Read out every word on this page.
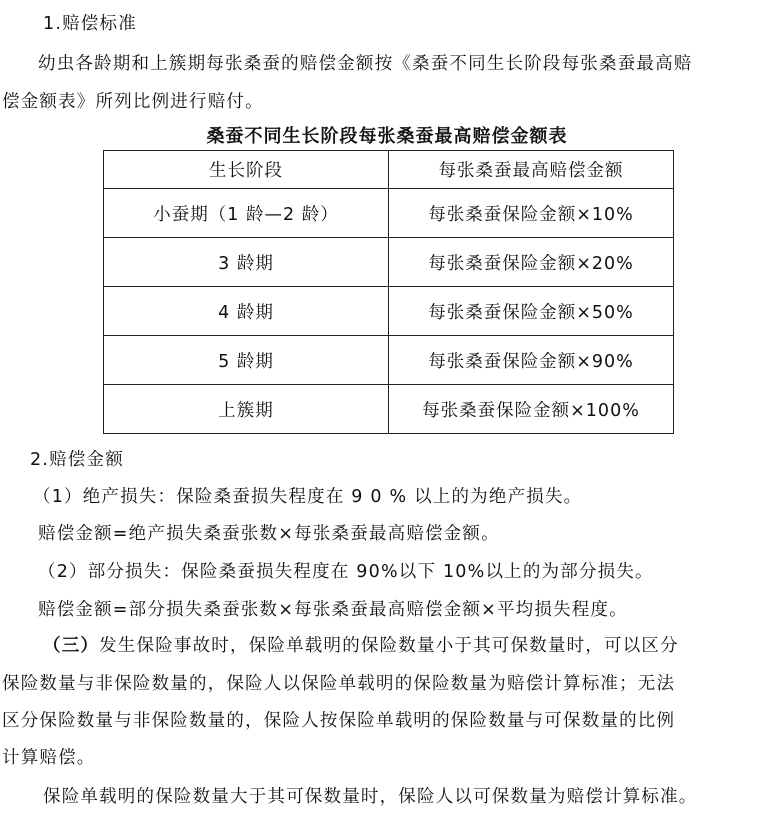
1.赔偿标准
幼虫各龄期和上簇期每张桑蚕的赔偿金额按《桑蚕不同生长阶段每张桑蚕最高赔
偿金额表》所列比例进行赔付。
桑蚕不同生长阶段每张桑蚕最高赔偿金额表
生长阶段	每张桑蚕最高赔偿金额
小蚕期（1 龄—2 龄）	每张桑蚕保险金额×10%
3 龄期	每张桑蚕保险金额×20%
4 龄期	每张桑蚕保险金额×50%
5 龄期	每张桑蚕保险金额×90%
上簇期	每张桑蚕保险金额×100%
2.赔偿金额
（1）绝产损失：保险桑蚕损失程度在 9 0 % 以上的为绝产损失。
赔偿金额=绝产损失桑蚕张数×每张桑蚕最高赔偿金额。
（2）部分损失：保险桑蚕损失程度在 90%以下 10%以上的为部分损失。
赔偿金额=部分损失桑蚕张数×每张桑蚕最高赔偿金额×平均损失程度。
（三）发生保险事故时，保险单载明的保险数量小于其可保数量时，可以区分
保险数量与非保险数量的，保险人以保险单载明的保险数量为赔偿计算标准；无法
区分保险数量与非保险数量的，保险人按保险单载明的保险数量与可保数量的比例
计算赔偿。
保险单载明的保险数量大于其可保数量时，保险人以可保数量为赔偿计算标准。
